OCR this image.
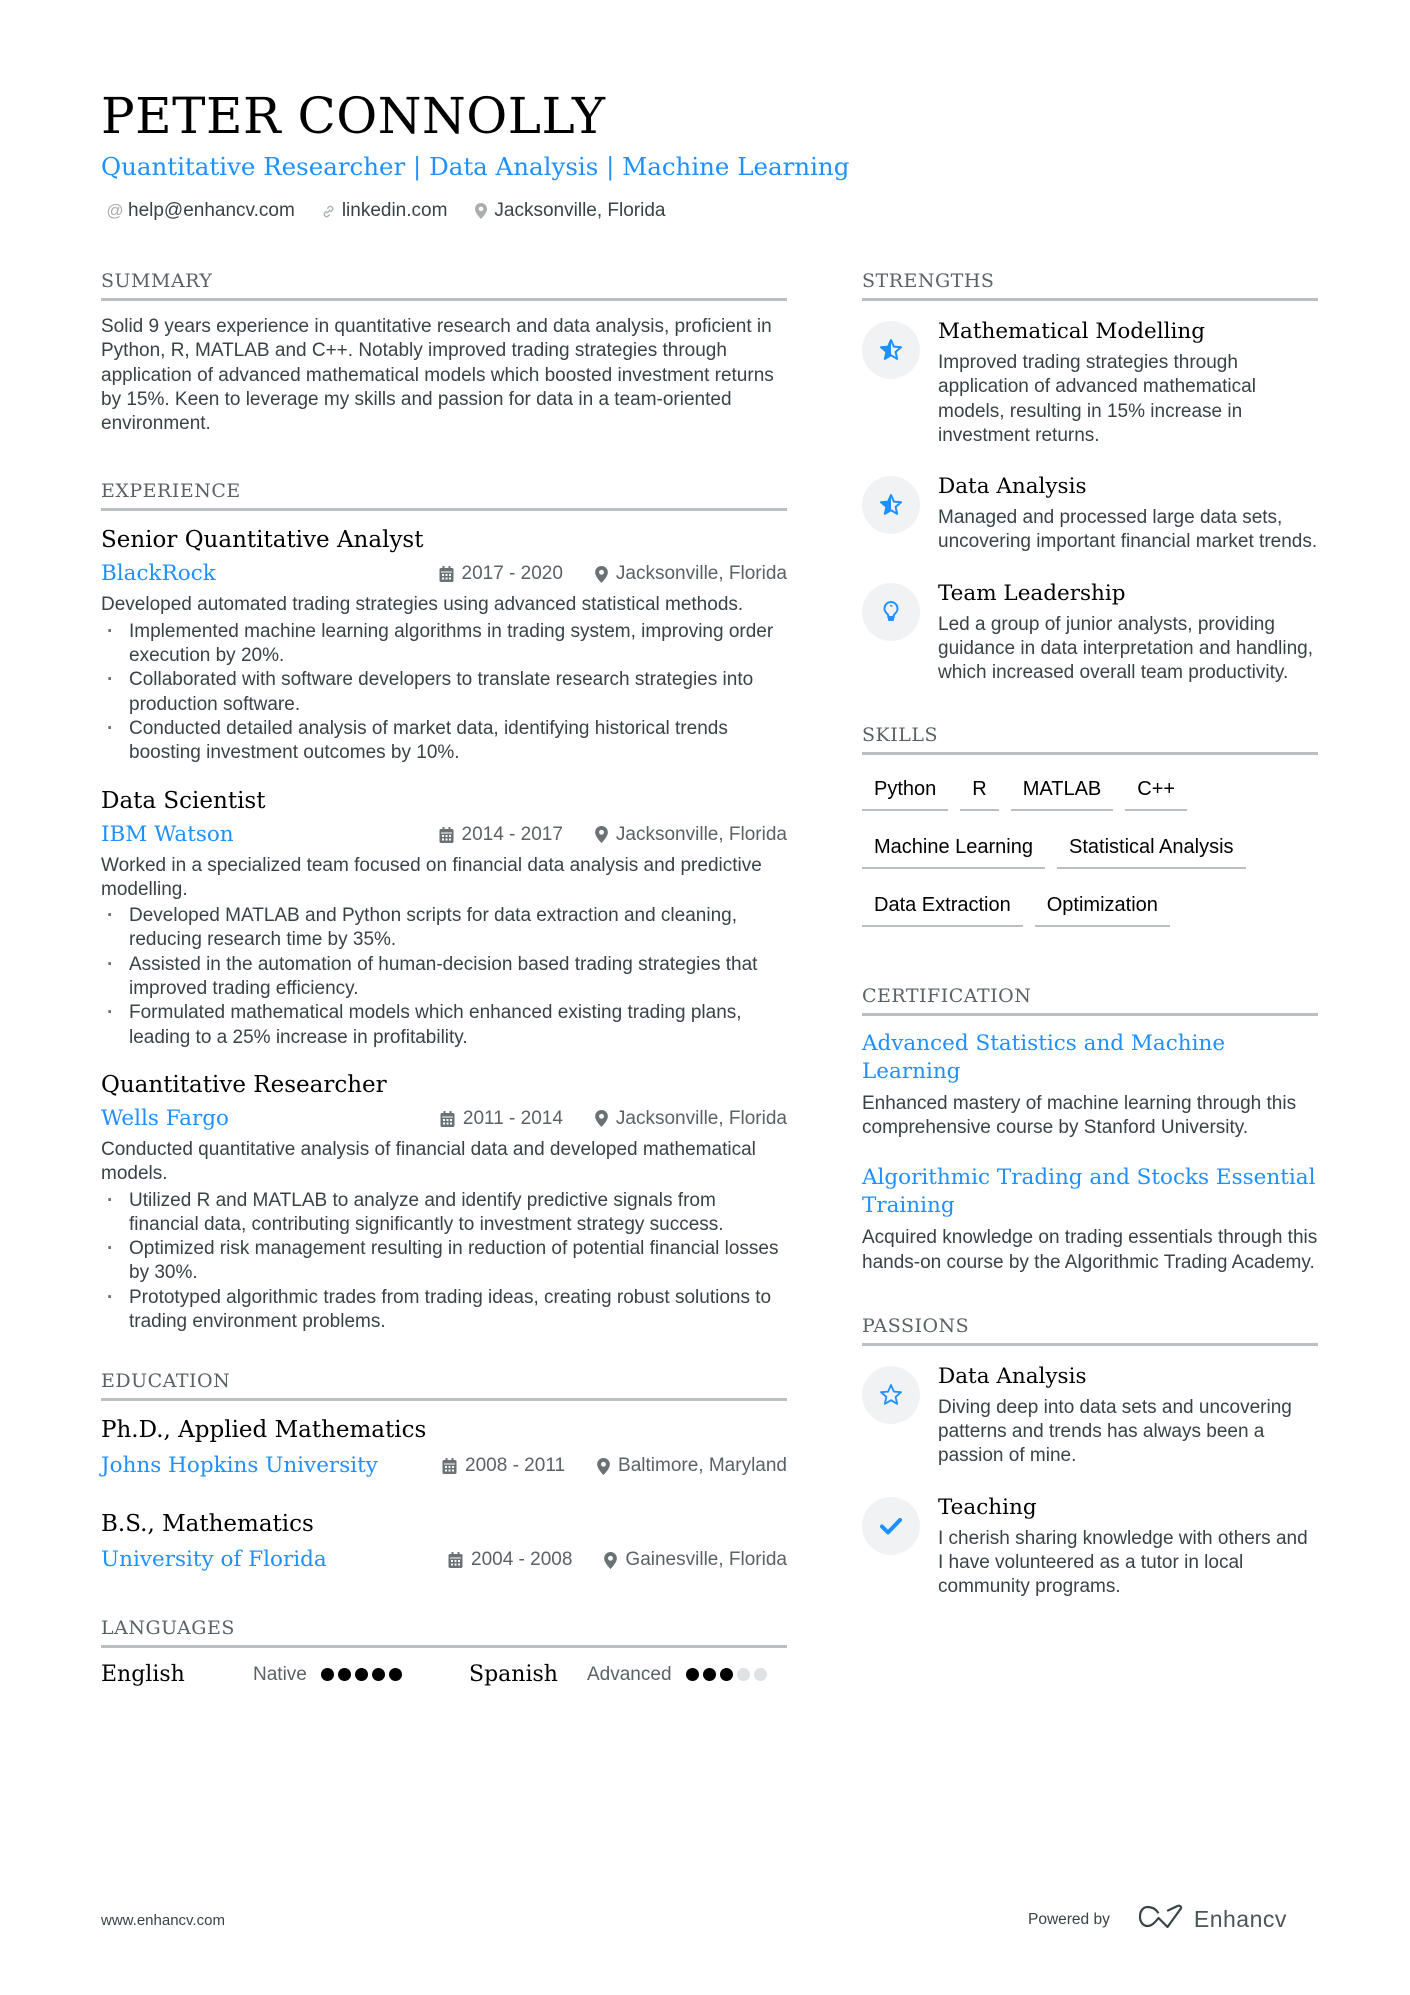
PETER CONNOLLY
Quantitative Researcher | Data Analysis | Machine Learning
@ help@enhancv.com linkedin.com Jacksonville, Florida
SUMMARY
Solid 9 years experience in quantitative research and data analysis, proficient in Python, R, MATLAB and C++. Notably improved trading strategies through application of advanced mathematical models which boosted investment returns by 15%. Keen to leverage my skills and passion for data in a team-oriented environment.
EXPERIENCE
Senior Quantitative Analyst
BlackRock	2017 - 2020	Jacksonville, Florida
Developed automated trading strategies using advanced statistical methods.
· Implemented machine learning algorithms in trading system, improving order execution by 20%.
· Collaborated with software developers to translate research strategies into production software.
· Conducted detailed analysis of market data, identifying historical trends boosting investment outcomes by 10%.
Data Scientist
IBM Watson	2014 - 2017	Jacksonville, Florida
Worked in a specialized team focused on financial data analysis and predictive modelling.
· Developed MATLAB and Python scripts for data extraction and cleaning, reducing research time by 35%.
· Assisted in the automation of human-decision based trading strategies that improved trading efficiency.
· Formulated mathematical models which enhanced existing trading plans, leading to a 25% increase in profitability.
Quantitative Researcher
Wells Fargo	2011 - 2014	Jacksonville, Florida
Conducted quantitative analysis of financial data and developed mathematical models.
· Utilized R and MATLAB to analyze and identify predictive signals from financial data, contributing significantly to investment strategy success.
· Optimized risk management resulting in reduction of potential financial losses by 30%.
· Prototyped algorithmic trades from trading ideas, creating robust solutions to trading environment problems.
EDUCATION
Ph.D., Applied Mathematics
Johns Hopkins University	2008 - 2011	Baltimore, Maryland
B.S., Mathematics
University of Florida	2004 - 2008	Gainesville, Florida
LANGUAGES
English	Native	Spanish	Advanced
STRENGTHS
Mathematical Modelling
Improved trading strategies through application of advanced mathematical models, resulting in 15% increase in investment returns.
Data Analysis
Managed and processed large data sets, uncovering important financial market trends.
Team Leadership
Led a group of junior analysts, providing guidance in data interpretation and handling, which increased overall team productivity.
SKILLS
Python	R	MATLAB	C++
Machine Learning	Statistical Analysis
Data Extraction	Optimization
CERTIFICATION
Advanced Statistics and Machine Learning
Enhanced mastery of machine learning through this comprehensive course by Stanford University.
Algorithmic Trading and Stocks Essential Training
Acquired knowledge on trading essentials through this hands-on course by the Algorithmic Trading Academy.
PASSIONS
Data Analysis
Diving deep into data sets and uncovering patterns and trends has always been a passion of mine.
Teaching
I cherish sharing knowledge with others and I have volunteered as a tutor in local community programs.
www.enhancv.com	Powered by	Enhancv
